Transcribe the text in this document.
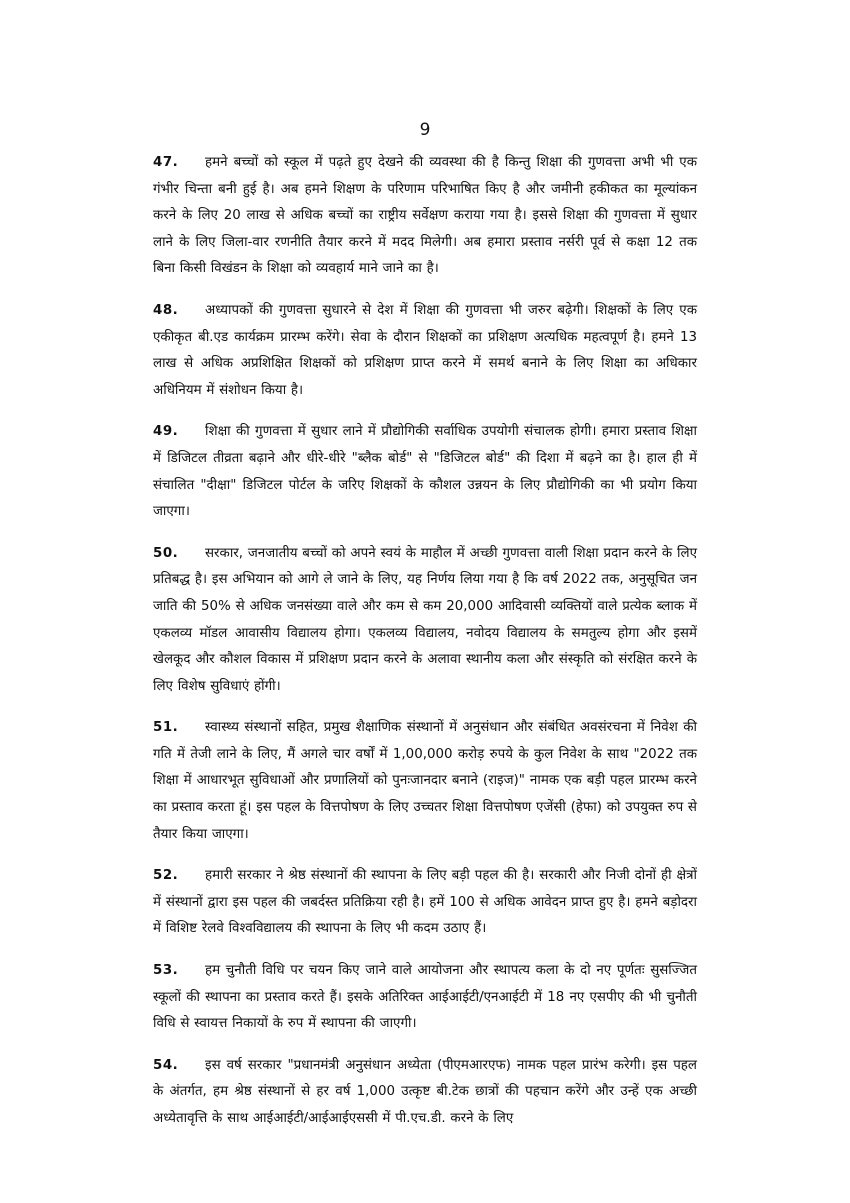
9

47. हमने बच्चों को स्कूल में पढ़ते हुए देखने की व्यवस्था की है किन्तु शिक्षा की गुणवत्ता अभी भी एक गंभीर चिन्ता बनी हुई है। अब हमने शिक्षण के परिणाम परिभाषित किए है और जमीनी हकीकत का मूल्यांकन करने के लिए 20 लाख से अधिक बच्चों का राष्ट्रीय सर्वेक्षण कराया गया है। इससे शिक्षा की गुणवत्ता में सुधार लाने के लिए जिला-वार रणनीति तैयार करने में मदद मिलेगी। अब हमारा प्रस्ताव नर्सरी पूर्व से कक्षा 12 तक बिना किसी विखंडन के शिक्षा को व्यवहार्य माने जाने का है।

48. अध्यापकों की गुणवत्ता सुधारने से देश में शिक्षा की गुणवत्ता भी जरुर बढ़ेगी। शिक्षकों के लिए एक एकीकृत बी.एड कार्यक्रम प्रारम्भ करेंगे। सेवा के दौरान शिक्षकों का प्रशिक्षण अत्यधिक महत्वपूर्ण है। हमने 13 लाख से अधिक अप्रशिक्षित शिक्षकों को प्रशिक्षण प्राप्त करने में समर्थ बनाने के लिए शिक्षा का अधिकार अधिनियम में संशोधन किया है।

49. शिक्षा की गुणवत्ता में सुधार लाने में प्रौद्योगिकी सर्वाधिक उपयोगी संचालक होगी। हमारा प्रस्ताव शिक्षा में डिजिटल तीव्रता बढ़ाने और धीरे-धीरे "ब्लैक बोर्ड" से "डिजिटल बोर्ड" की दिशा में बढ़ने का है। हाल ही में संचालित "दीक्षा" डिजिटल पोर्टल के जरिए शिक्षकों के कौशल उन्नयन के लिए प्रौद्योगिकी का भी प्रयोग किया जाएगा।

50. सरकार, जनजातीय बच्चों को अपने स्वयं के माहौल में अच्छी गुणवत्ता वाली शिक्षा प्रदान करने के लिए प्रतिबद्ध है। इस अभियान को आगे ले जाने के लिए, यह निर्णय लिया गया है कि वर्ष 2022 तक, अनुसूचित जन जाति की 50% से अधिक जनसंख्या वाले और कम से कम 20,000 आदिवासी व्यक्तियों वाले प्रत्येक ब्लाक में एकलव्य मॉडल आवासीय विद्यालय होगा। एकलव्य विद्यालय, नवोदय विद्यालय के समतुल्य होगा और इसमें खेलकूद और कौशल विकास में प्रशिक्षण प्रदान करने के अलावा स्थानीय कला और संस्कृति को संरक्षित करने के लिए विशेष सुविधाएं होंगी।

51. स्वास्थ्य संस्थानों सहित, प्रमुख शैक्षाणिक संस्थानों में अनुसंधान और संबंधित अवसंरचना में निवेश की गति में तेजी लाने के लिए, मैं अगले चार वर्षों में 1,00,000 करोड़ रुपये के कुल निवेश के साथ "2022 तक शिक्षा में आधारभूत सुविधाओं और प्रणालियों को पुनःजानदार बनाने (राइज)" नामक एक बड़ी पहल प्रारम्भ करने का प्रस्ताव करता हूं। इस पहल के वित्तपोषण के लिए उच्चतर शिक्षा वित्तपोषण एजेंसी (हेफा) को उपयुक्त रुप से तैयार किया जाएगा।

52. हमारी सरकार ने श्रेष्ठ संस्थानों की स्थापना के लिए बड़ी पहल की है। सरकारी और निजी दोनों ही क्षेत्रों में संस्थानों द्वारा इस पहल की जबर्दस्त प्रतिक्रिया रही है। हमें 100 से अधिक आवेदन प्राप्त हुए है। हमने बड़ोदरा में विशिष्ट रेलवे विश्वविद्यालय की स्थापना के लिए भी कदम उठाए हैं।

53. हम चुनौती विधि पर चयन किए जाने वाले आयोजना और स्थापत्य कला के दो नए पूर्णतः सुसज्जित स्कूलों की स्थापना का प्रस्ताव करते हैं। इसके अतिरिक्त आईआईटी/एनआईटी में 18 नए एसपीए की भी चुनौती विधि से स्वायत्त निकायों के रुप में स्थापना की जाएगी।

54. इस वर्ष सरकार "प्रधानमंत्री अनुसंधान अध्येता (पीएमआरएफ) नामक पहल प्रारंभ करेगी। इस पहल के अंतर्गत, हम श्रेष्ठ संस्थानों से हर वर्ष 1,000 उत्कृष्ट बी.टेक छात्रों की पहचान करेंगे और उन्हें एक अच्छी अध्येतावृत्ति के साथ आईआईटी/आईआईएससी में पी.एच.डी. करने के लिए
